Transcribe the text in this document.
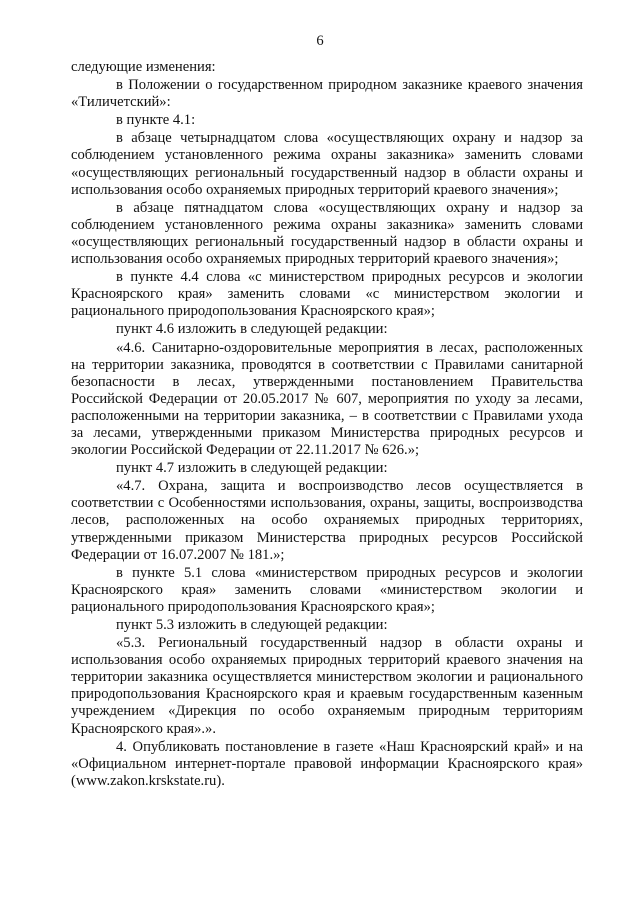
6

следующие изменения:

в Положении о государственном природном заказнике краевого значения «Тиличетский»:

в пункте 4.1:

в абзаце четырнадцатом слова «осуществляющих охрану и надзор за соблюдением установленного режима охраны заказника» заменить словами «осуществляющих региональный государственный надзор в области охраны и использования особо охраняемых природных территорий краевого значения»;

в абзаце пятнадцатом слова «осуществляющих охрану и надзор за соблюдением установленного режима охраны заказника» заменить словами «осуществляющих региональный государственный надзор в области охраны и использования особо охраняемых природных территорий краевого значения»;

в пункте 4.4 слова «с министерством природных ресурсов и экологии Красноярского края» заменить словами «с министерством экологии и рационального природопользования Красноярского края»;

пункт 4.6 изложить в следующей редакции:

«4.6. Санитарно-оздоровительные мероприятия в лесах, расположенных на территории заказника, проводятся в соответствии с Правилами санитарной безопасности в лесах, утвержденными постановлением Правительства Российской Федерации от 20.05.2017 № 607, мероприятия по уходу за лесами, расположенными на территории заказника, – в соответствии с Правилами ухода за лесами, утвержденными приказом Министерства природных ресурсов и экологии Российской Федерации от 22.11.2017 № 626.»;

пункт 4.7 изложить в следующей редакции:

«4.7. Охрана, защита и воспроизводство лесов осуществляется в соответствии с Особенностями использования, охраны, защиты, воспроизводства лесов, расположенных на особо охраняемых природных территориях, утвержденными приказом Министерства природных ресурсов Российской Федерации от 16.07.2007 № 181.»;

в пункте 5.1 слова «министерством природных ресурсов и экологии Красноярского края» заменить словами «министерством экологии и рационального природопользования Красноярского края»;

пункт 5.3 изложить в следующей редакции:

«5.3. Региональный государственный надзор в области охраны и использования особо охраняемых природных территорий краевого значения на территории заказника осуществляется министерством экологии и рационального природопользования Красноярского края и краевым государственным казенным учреждением «Дирекция по особо охраняемым природным территориям Красноярского края».».

4. Опубликовать постановление в газете «Наш Красноярский край» и на «Официальном интернет-портале правовой информации Красноярского края» (www.zakon.krskstate.ru).
